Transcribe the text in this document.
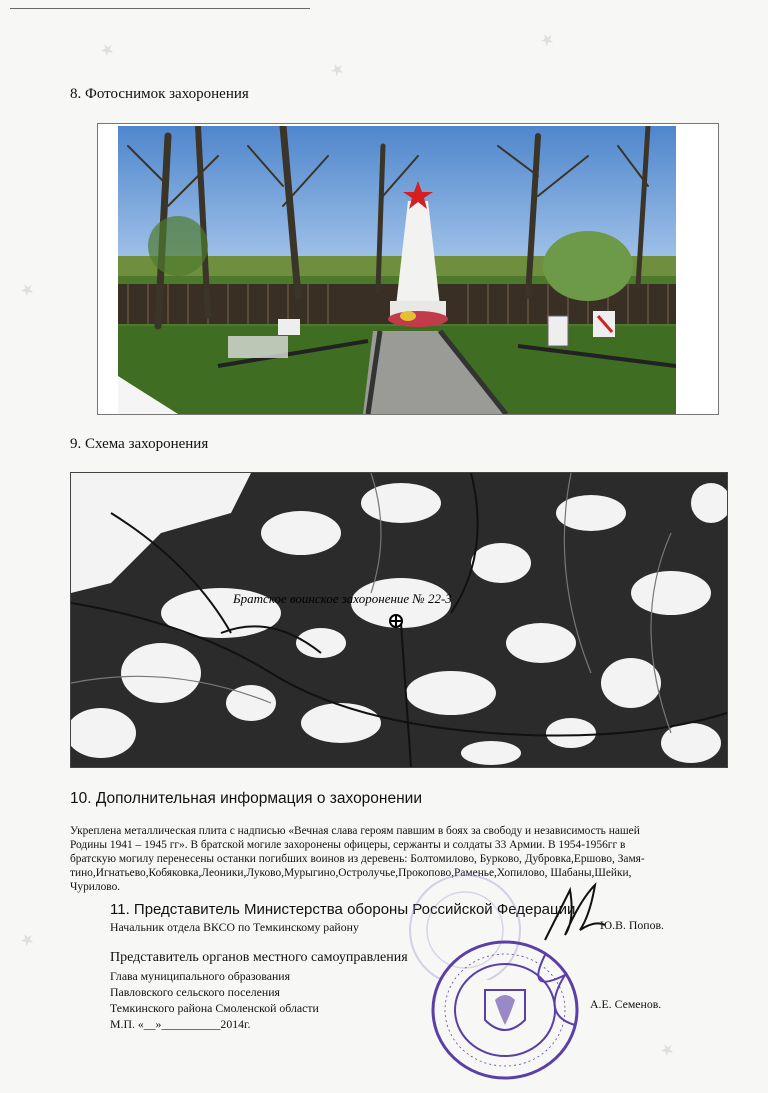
★
★
★
★
★
★
8. Фотоснимок захоронения
9. Схема захоронения
Братское воинское захоронение № 22-3
10. Дополнительная информация о захоронении
Укреплена металлическая плита с надписью «Вечная слава героям павшим в боях за свободу и независимость нашей
Родины 1941 – 1945 гг». В братской могиле захоронены офицеры, сержанты и солдаты 33 Армии. В 1954-1956гг в
братскую могилу перенесены останки погибших воинов из деревень: Болтомилово, Бурково, Дубровка,Ершово, Замя-
тино,Игнатьево,Кобяковка,Леоники,Луково,Мурыгино,Остролучье,Прокопово,Раменье,Хопилово, Шабаны,Шейки,
Чурилово.
11. Представитель Министерства обороны Российской Федерации
Начальник отдела ВКСО по Темкинскому району	Ю.В. Попов.
Представитель органов местного самоуправления
Глава муниципального образования
Павловского сельского поселения
Темкинского района Смоленской области
М.П. «__»__________2014г.
А.Е. Семенов.
